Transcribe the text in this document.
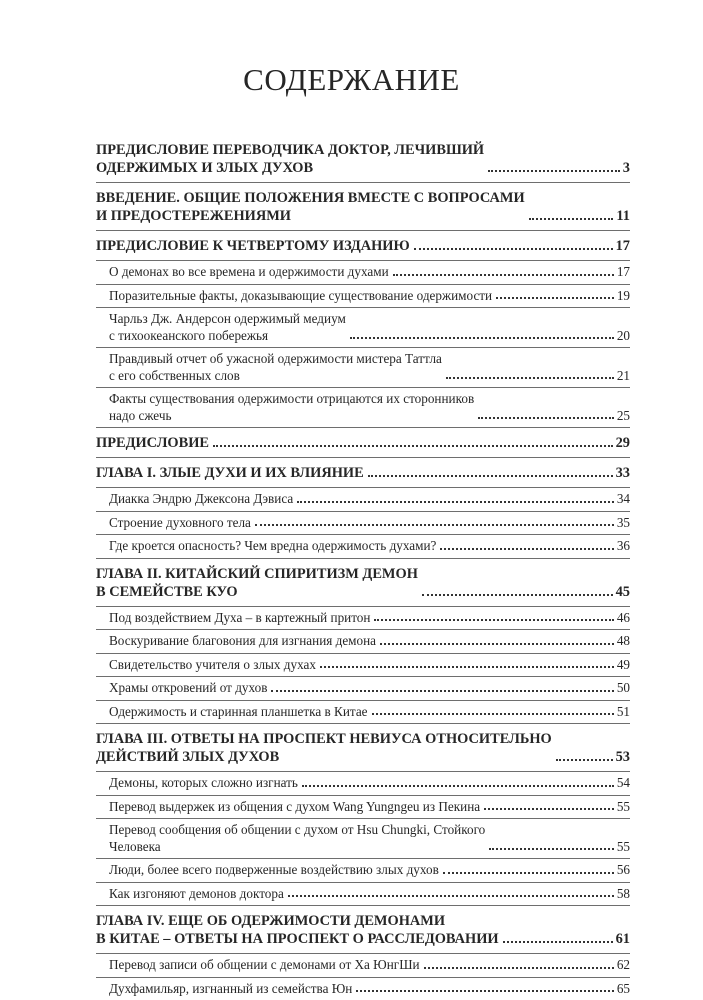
СОДЕРЖАНИЕ
ПРЕДИСЛОВИЕ ПЕРЕВОДЧИКА ДОКТОР, ЛЕЧИВШИЙ
ОДЕРЖИМЫХ И ЗЛЫХ ДУХОВ	3
ВВЕДЕНИЕ. ОБЩИЕ ПОЛОЖЕНИЯ ВМЕСТЕ С ВОПРОСАМИ
И ПРЕДОСТЕРЕЖЕНИЯМИ	11
ПРЕДИСЛОВИЕ К ЧЕТВЕРТОМУ ИЗДАНИЮ	17
О демонах во все времена и одержимости духами	17
Поразительные факты, доказывающие существование одержимости	19
Чарльз Дж. Андерсон одержимый медиум
с тихоокеанского побережья	20
Правдивый отчет об ужасной одержимости мистера Таттла
с его собственных слов	21
Факты существования одержимости отрицаются их сторонников
надо сжечь	25
ПРЕДИСЛОВИЕ	29
ГЛАВА I. ЗЛЫЕ ДУХИ И ИХ ВЛИЯНИЕ	33
Диакка Эндрю Джексона Дэвиса	34
Строение духовного тела	35
Где кроется опасность? Чем вредна одержимость духами?	36
ГЛАВА II. КИТАЙСКИЙ СПИРИТИЗМ ДЕМОН
В СЕМЕЙСТВЕ КУО	45
Под воздействием Духа – в картежный притон	46
Воскуривание благовония для изгнания демона	48
Свидетельство учителя о злых духах	49
Храмы откровений от духов	50
Одержимость и старинная планшетка в Китае	51
ГЛАВА III. ОТВЕТЫ НА ПРОСПЕКТ НЕВИУСА ОТНОСИТЕЛЬНО
ДЕЙСТВИЙ ЗЛЫХ ДУХОВ	53
Демоны, которых сложно изгнать	54
Перевод выдержек из общения с духом Wang Yungngeu из Пекина	55
Перевод сообщения об общении с духом от Hsu Chungki, Стойкого
Человека	55
Люди, более всего подверженные воздействию злых духов	56
Как изгоняют демонов доктора	58
ГЛАВА IV. ЕЩЕ ОБ ОДЕРЖИМОСТИ ДЕМОНАМИ
В КИТАЕ – ОТВЕТЫ НА ПРОСПЕКТ О РАССЛЕДОВАНИИ	61
Перевод записи об общении с демонами от Ха ЮнгШи	62
Духфамильяр, изгнанный из семейства Юн	65
